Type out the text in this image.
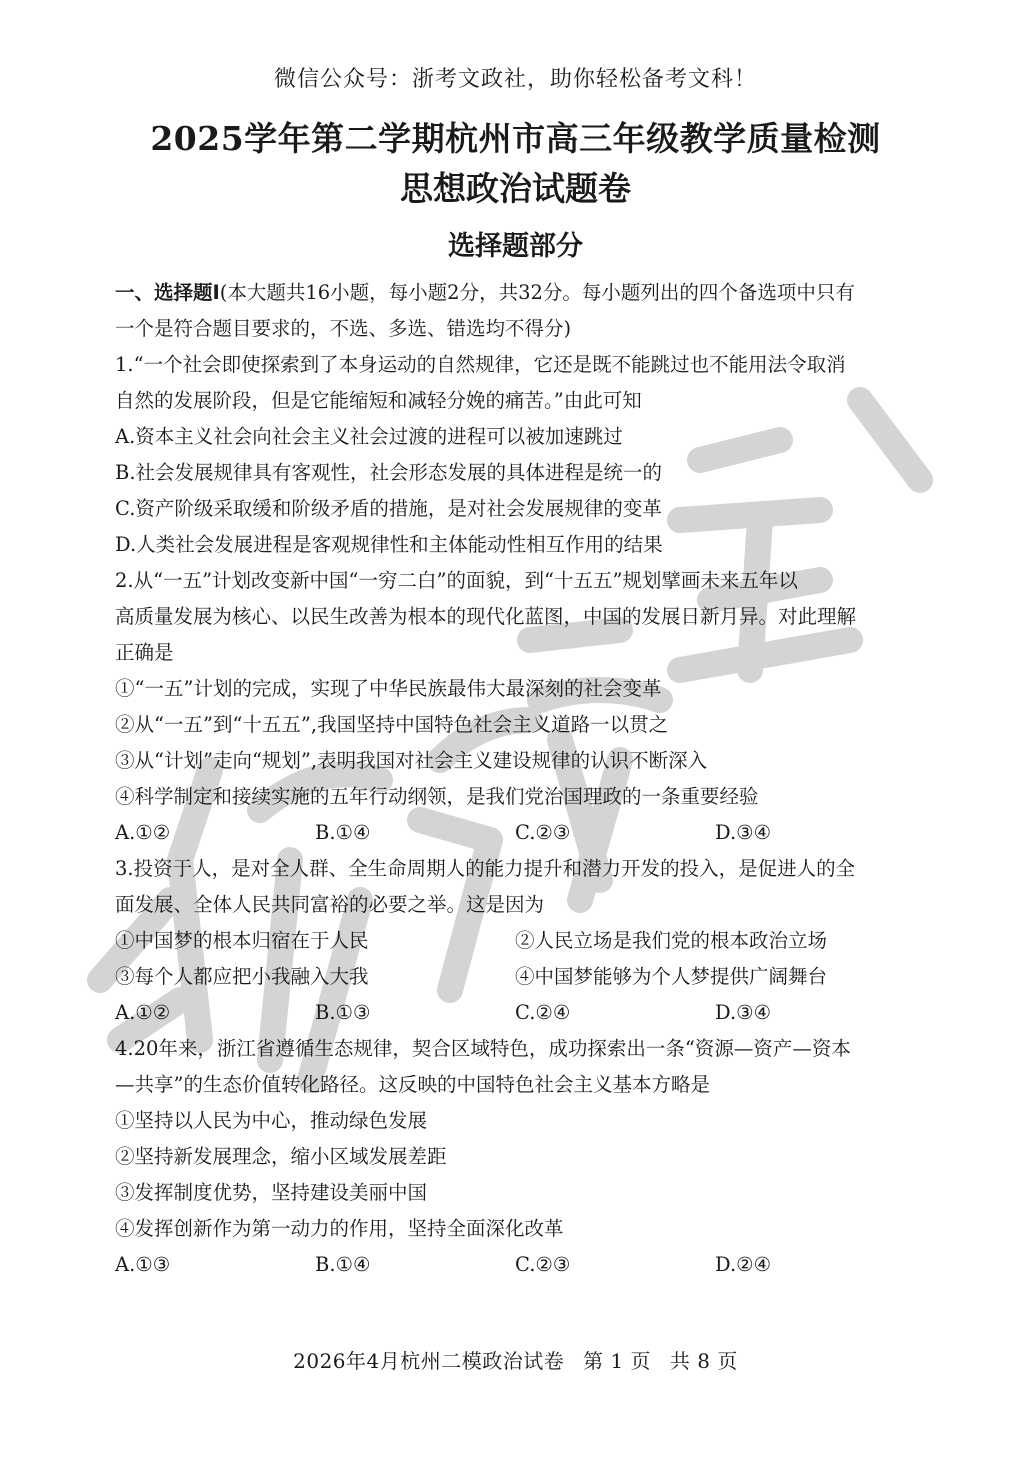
微信公众号：浙考文政社，助你轻松备考文科！
2025学年第二学期杭州市高三年级教学质量检测
思想政治试题卷
选择题部分
一、选择题Ⅰ(本大题共16小题，每小题2分，共32分。每小题列出的四个备选项中只有
一个是符合题目要求的，不选、多选、错选均不得分)
1.“一个社会即使探索到了本身运动的自然规律，它还是既不能跳过也不能用法令取消
自然的发展阶段，但是它能缩短和减轻分娩的痛苦。”由此可知
A.资本主义社会向社会主义社会过渡的进程可以被加速跳过
B.社会发展规律具有客观性，社会形态发展的具体进程是统一的
C.资产阶级采取缓和阶级矛盾的措施，是对社会发展规律的变革
D.人类社会发展进程是客观规律性和主体能动性相互作用的结果
2.从“一五”计划改变新中国“一穷二白”的面貌，到“十五五”规划擘画未来五年以
高质量发展为核心、以民生改善为根本的现代化蓝图，中国的发展日新月异。对此理解
正确是
①“一五”计划的完成，实现了中华民族最伟大最深刻的社会变革
②从“一五”到“十五五”,我国坚持中国特色社会主义道路一以贯之
③从“计划”走向“规划”,表明我国对社会主义建设规律的认识不断深入
④科学制定和接续实施的五年行动纲领，是我们党治国理政的一条重要经验
A.①②	B.①④	C.②③	D.③④
3.投资于人，是对全人群、全生命周期人的能力提升和潜力开发的投入，是促进人的全
面发展、全体人民共同富裕的必要之举。这是因为
①中国梦的根本归宿在于人民	②人民立场是我们党的根本政治立场
③每个人都应把小我融入大我	④中国梦能够为个人梦提供广阔舞台
A.①②	B.①③	C.②④	D.③④
4.20年来，浙江省遵循生态规律，契合区域特色，成功探索出一条“资源—资产—资本
—共享”的生态价值转化路径。这反映的中国特色社会主义基本方略是
①坚持以人民为中心，推动绿色发展
②坚持新发展理念，缩小区域发展差距
③发挥制度优势，坚持建设美丽中国
④发挥创新作为第一动力的作用，坚持全面深化改革
A.①③	B.①④	C.②③	D.②④
2026年4月杭州二模政治试卷 第 1 页 共 8 页
